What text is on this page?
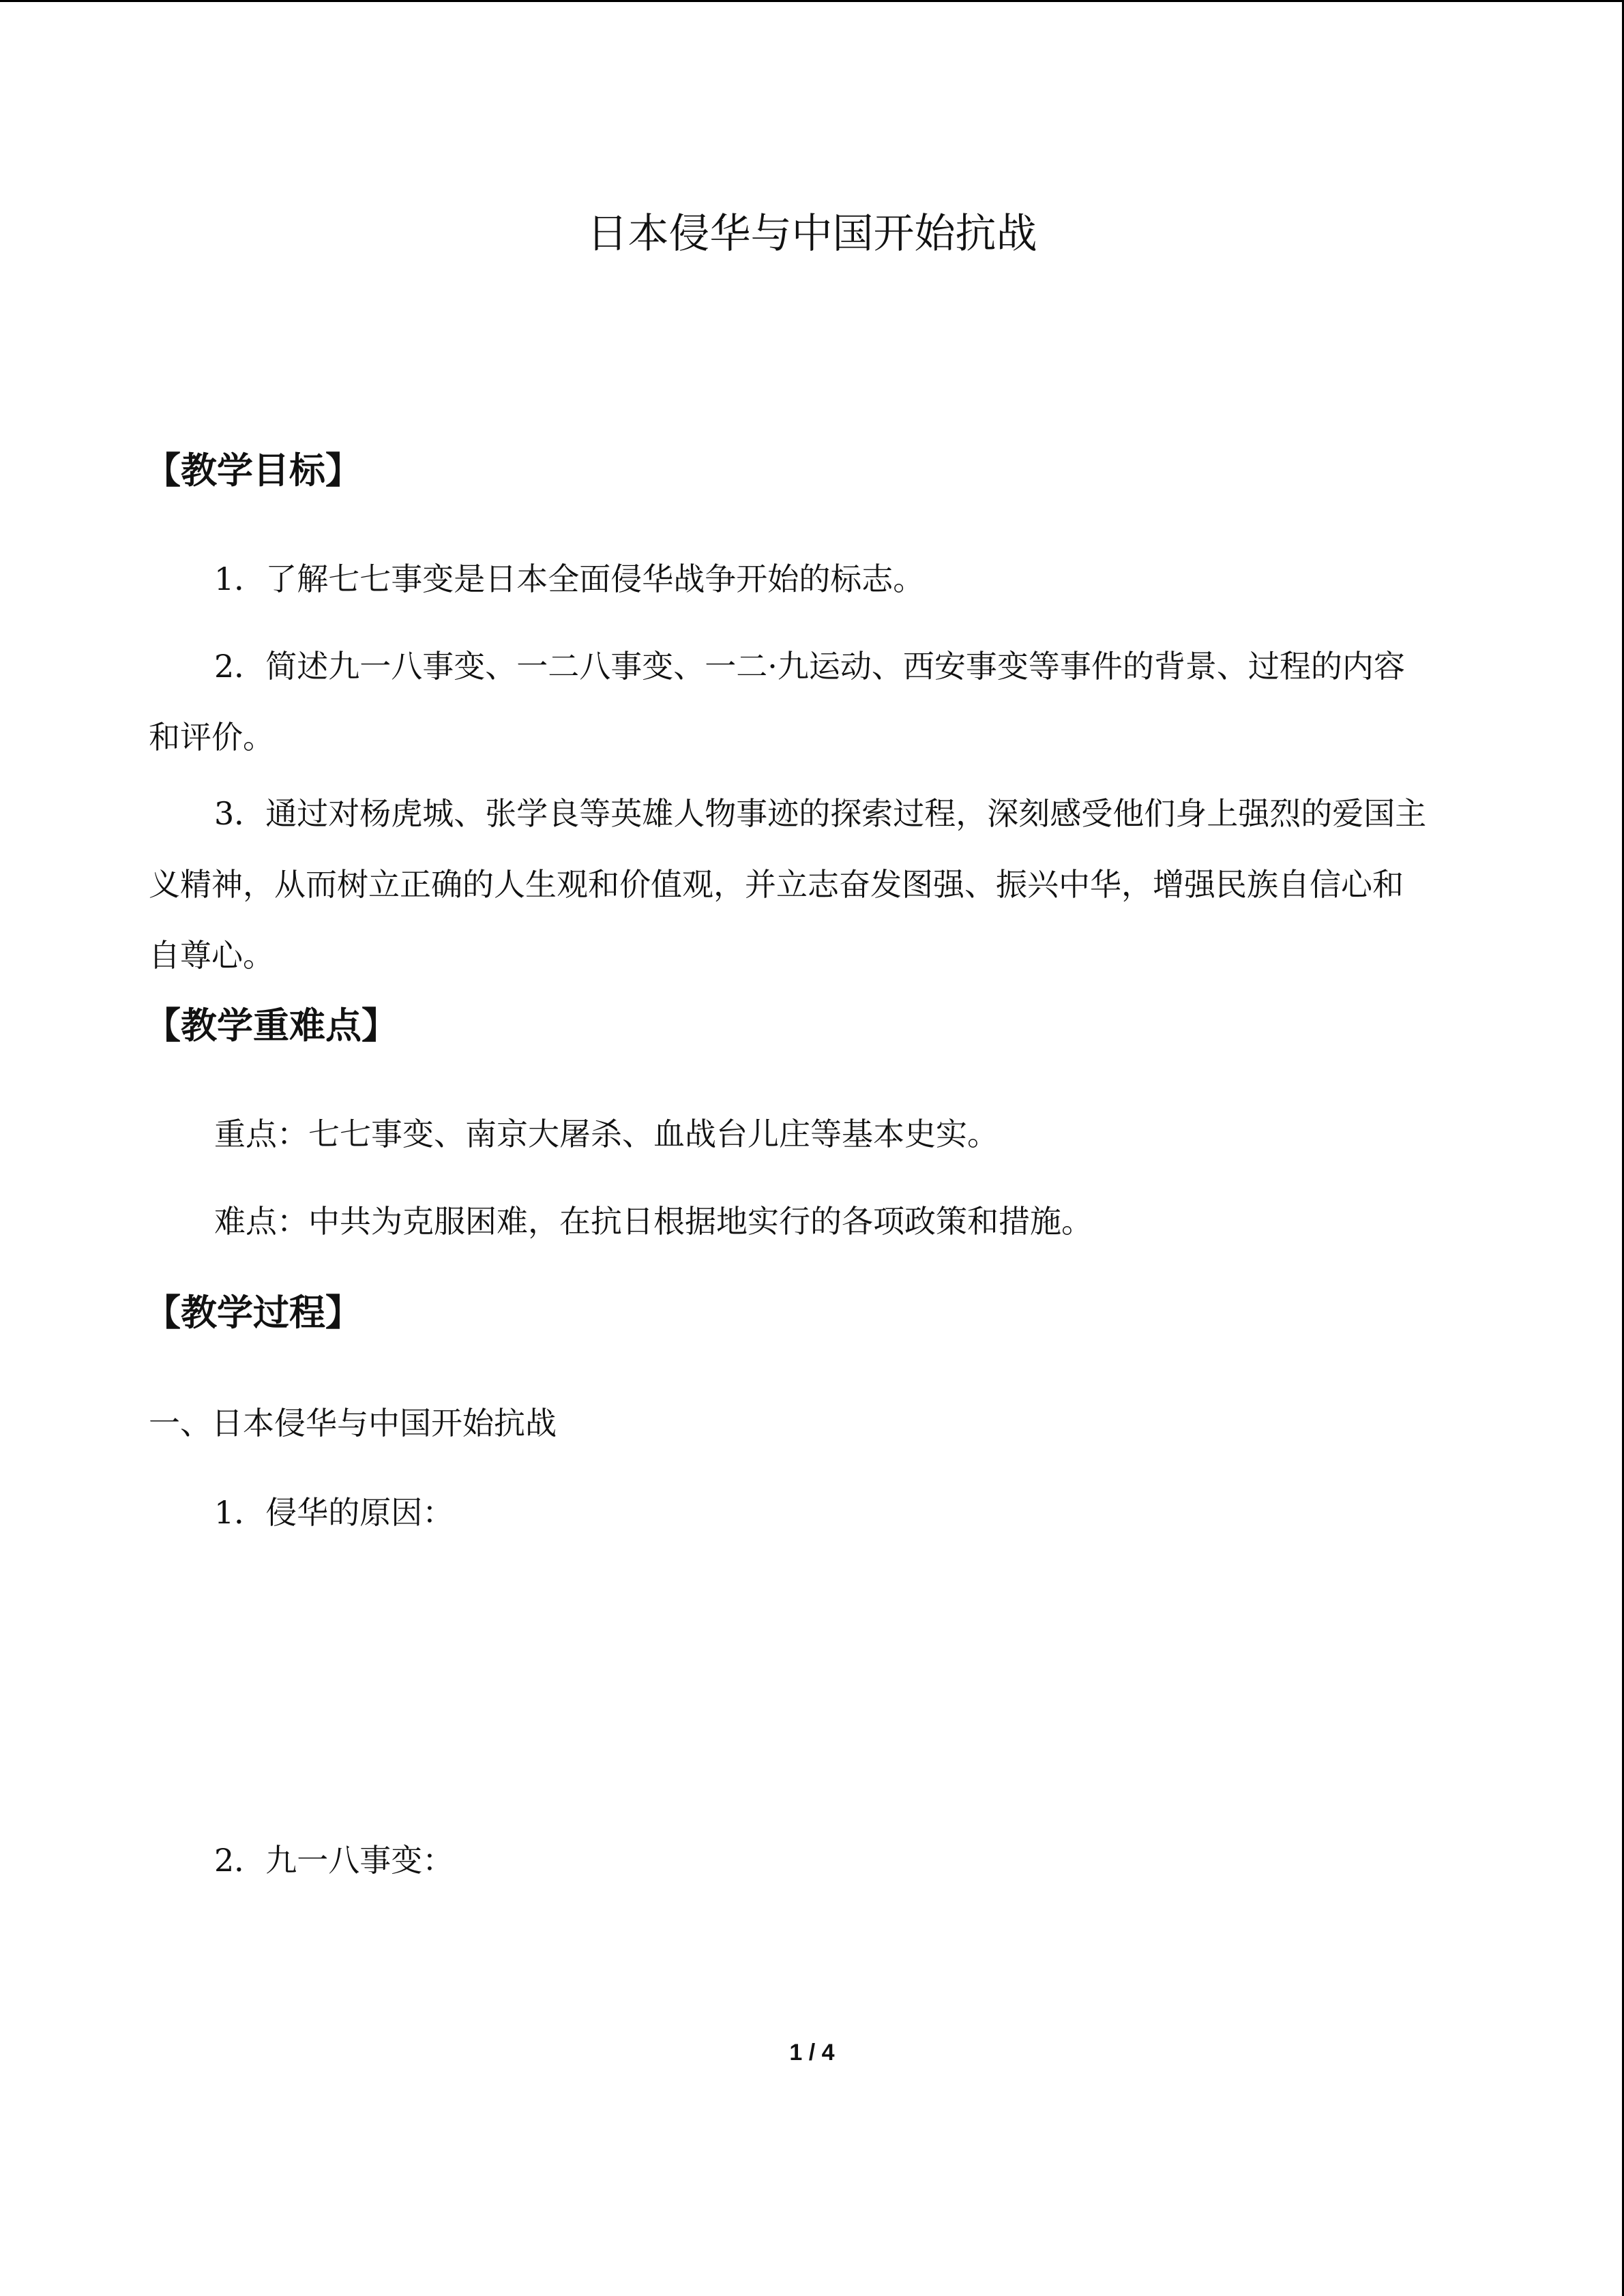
日本侵华与中国开始抗战
【教学目标】
1．了解七七事变是日本全面侵华战争开始的标志。
2．简述九一八事变、一二八事变、一二·九运动、西安事变等事件的背景、过程的内容
和评价。
3．通过对杨虎城、张学良等英雄人物事迹的探索过程，深刻感受他们身上强烈的爱国主
义精神，从而树立正确的人生观和价值观，并立志奋发图强、振兴中华，增强民族自信心和
自尊心。
【教学重难点】
重点：七七事变、南京大屠杀、血战台儿庄等基本史实。
难点：中共为克服困难，在抗日根据地实行的各项政策和措施。
【教学过程】
一、日本侵华与中国开始抗战
1．侵华的原因：
2．九一八事变：
1 / 4
